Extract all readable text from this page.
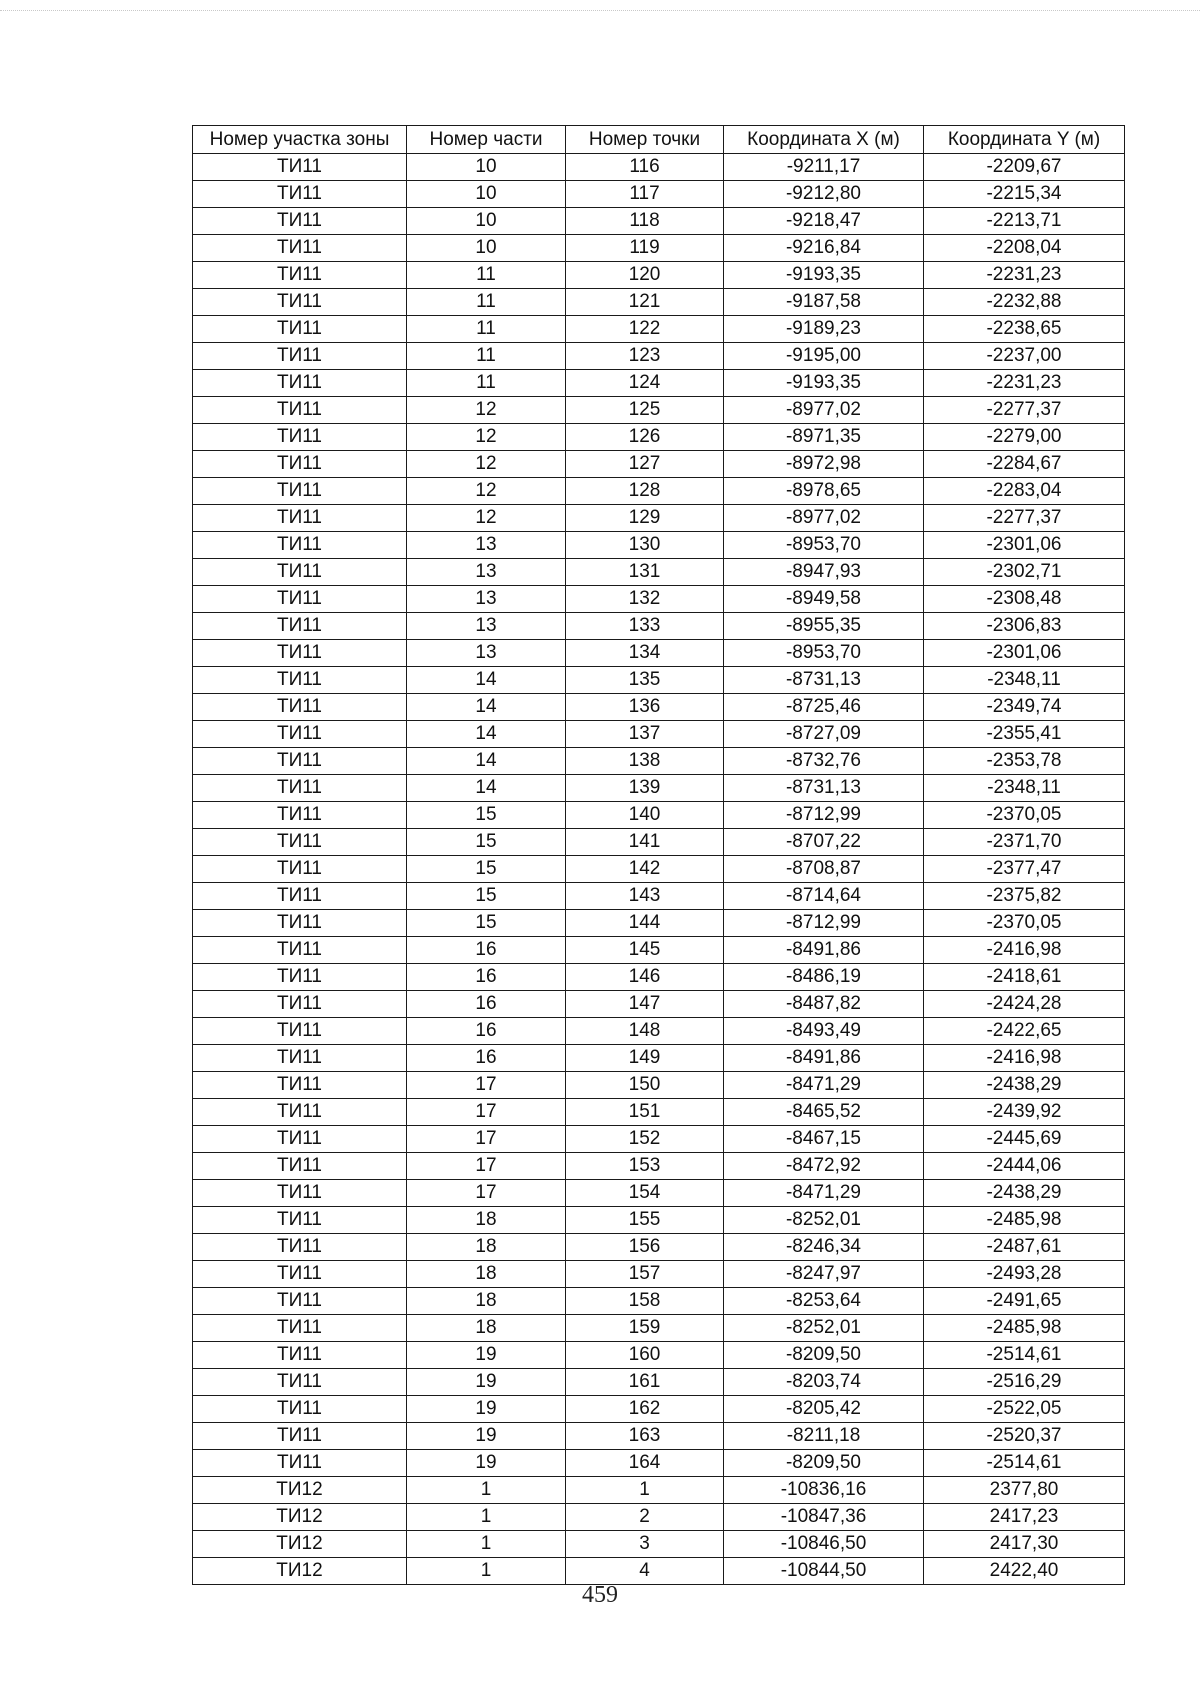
Номер участка зоны	Номер части	Номер точки	Координата X (м)	Координата Y (м)
ТИ11	10	116	-9211,17	-2209,67
ТИ11	10	117	-9212,80	-2215,34
ТИ11	10	118	-9218,47	-2213,71
ТИ11	10	119	-9216,84	-2208,04
ТИ11	11	120	-9193,35	-2231,23
ТИ11	11	121	-9187,58	-2232,88
ТИ11	11	122	-9189,23	-2238,65
ТИ11	11	123	-9195,00	-2237,00
ТИ11	11	124	-9193,35	-2231,23
ТИ11	12	125	-8977,02	-2277,37
ТИ11	12	126	-8971,35	-2279,00
ТИ11	12	127	-8972,98	-2284,67
ТИ11	12	128	-8978,65	-2283,04
ТИ11	12	129	-8977,02	-2277,37
ТИ11	13	130	-8953,70	-2301,06
ТИ11	13	131	-8947,93	-2302,71
ТИ11	13	132	-8949,58	-2308,48
ТИ11	13	133	-8955,35	-2306,83
ТИ11	13	134	-8953,70	-2301,06
ТИ11	14	135	-8731,13	-2348,11
ТИ11	14	136	-8725,46	-2349,74
ТИ11	14	137	-8727,09	-2355,41
ТИ11	14	138	-8732,76	-2353,78
ТИ11	14	139	-8731,13	-2348,11
ТИ11	15	140	-8712,99	-2370,05
ТИ11	15	141	-8707,22	-2371,70
ТИ11	15	142	-8708,87	-2377,47
ТИ11	15	143	-8714,64	-2375,82
ТИ11	15	144	-8712,99	-2370,05
ТИ11	16	145	-8491,86	-2416,98
ТИ11	16	146	-8486,19	-2418,61
ТИ11	16	147	-8487,82	-2424,28
ТИ11	16	148	-8493,49	-2422,65
ТИ11	16	149	-8491,86	-2416,98
ТИ11	17	150	-8471,29	-2438,29
ТИ11	17	151	-8465,52	-2439,92
ТИ11	17	152	-8467,15	-2445,69
ТИ11	17	153	-8472,92	-2444,06
ТИ11	17	154	-8471,29	-2438,29
ТИ11	18	155	-8252,01	-2485,98
ТИ11	18	156	-8246,34	-2487,61
ТИ11	18	157	-8247,97	-2493,28
ТИ11	18	158	-8253,64	-2491,65
ТИ11	18	159	-8252,01	-2485,98
ТИ11	19	160	-8209,50	-2514,61
ТИ11	19	161	-8203,74	-2516,29
ТИ11	19	162	-8205,42	-2522,05
ТИ11	19	163	-8211,18	-2520,37
ТИ11	19	164	-8209,50	-2514,61
ТИ12	1	1	-10836,16	2377,80
ТИ12	1	2	-10847,36	2417,23
ТИ12	1	3	-10846,50	2417,30
ТИ12	1	4	-10844,50	2422,40
459
